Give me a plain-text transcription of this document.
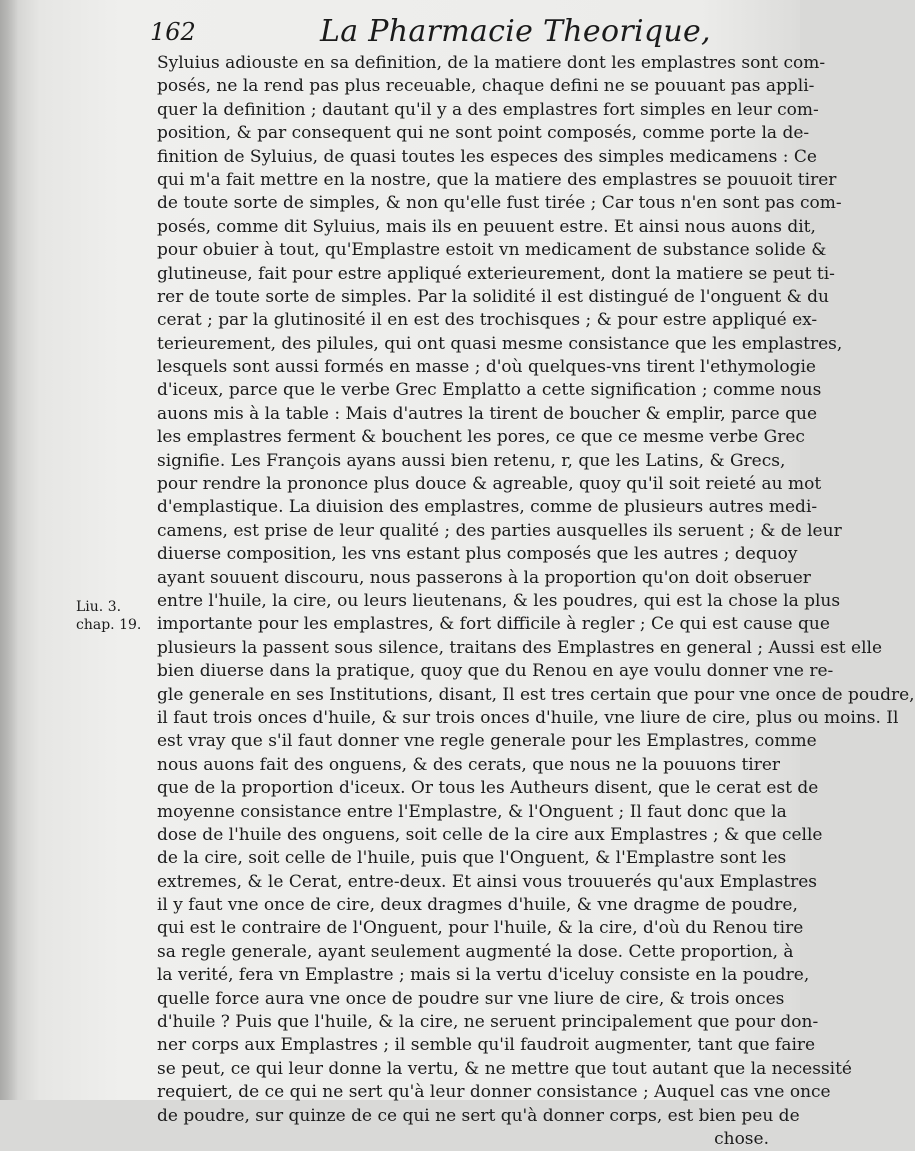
162	La Pharmacie Theorique,
Liu. 3.
chap. 19.
Syluius adiouste en sa definition, de la matiere dont les emplastres sont com-
posés, ne la rend pas plus receuable, chaque defini ne se pouuant pas appli-
quer la definition ; dautant qu'il y a des emplastres fort simples en leur com-
position, & par consequent qui ne sont point composés, comme porte la de-
finition de Syluius, de quasi toutes les especes des simples medicamens : Ce
qui m'a fait mettre en la nostre, que la matiere des emplastres se pouuoit tirer
de toute sorte de simples, & non qu'elle fust tirée ; Car tous n'en sont pas com-
posés, comme dit Syluius, mais ils en peuuent estre. Et ainsi nous auons dit,
pour obuier à tout, qu'Emplastre estoit vn medicament de substance solide &
glutineuse, fait pour estre appliqué exterieurement, dont la matiere se peut ti-
rer de toute sorte de simples. Par la solidité il est distingué de l'onguent & du
cerat ; par la glutinosité il en est des trochisques ; & pour estre appliqué ex-
terieurement, des pilules, qui ont quasi mesme consistance que les emplastres,
lesquels sont aussi formés en masse ; d'où quelques-vns tirent l'ethymologie
d'iceux, parce que le verbe Grec Emplatto a cette signification ; comme nous
auons mis à la table : Mais d'autres la tirent de boucher & emplir, parce que
les emplastres ferment & bouchent les pores, ce que ce mesme verbe Grec
signifie. Les François ayans aussi bien retenu, r, que les Latins, & Grecs,
pour rendre la prononce plus douce & agreable, quoy qu'il soit reieté au mot
d'emplastique. La diuision des emplastres, comme de plusieurs autres medi-
camens, est prise de leur qualité ; des parties ausquelles ils seruent ; & de leur
diuerse composition, les vns estant plus composés que les autres ; dequoy
ayant souuent discouru, nous passerons à la proportion qu'on doit obseruer
entre l'huile, la cire, ou leurs lieutenans, & les poudres, qui est la chose la plus
importante pour les emplastres, & fort difficile à regler ; Ce qui est cause que
plusieurs la passent sous silence, traitans des Emplastres en general ; Aussi est elle
bien diuerse dans la pratique, quoy que du Renou en aye voulu donner vne re-
gle generale en ses Institutions, disant, Il est tres certain que pour vne once de poudre,
il faut trois onces d'huile, & sur trois onces d'huile, vne liure de cire, plus ou moins. Il
est vray que s'il faut donner vne regle generale pour les Emplastres, comme
nous auons fait des onguens, & des cerats, que nous ne la pouuons tirer
que de la proportion d'iceux. Or tous les Autheurs disent, que le cerat est de
moyenne consistance entre l'Emplastre, & l'Onguent ; Il faut donc que la
dose de l'huile des onguens, soit celle de la cire aux Emplastres ; & que celle
de la cire, soit celle de l'huile, puis que l'Onguent, & l'Emplastre sont les
extremes, & le Cerat, entre-deux. Et ainsi vous trouuerés qu'aux Emplastres
il y faut vne once de cire, deux dragmes d'huile, & vne dragme de poudre,
qui est le contraire de l'Onguent, pour l'huile, & la cire, d'où du Renou tire
sa regle generale, ayant seulement augmenté la dose. Cette proportion, à
la verité, fera vn Emplastre ; mais si la vertu d'iceluy consiste en la poudre,
quelle force aura vne once de poudre sur vne liure de cire, & trois onces
d'huile ? Puis que l'huile, & la cire, ne seruent principalement que pour don-
ner corps aux Emplastres ; il semble qu'il faudroit augmenter, tant que faire
se peut, ce qui leur donne la vertu, & ne mettre que tout autant que la necessité
requiert, de ce qui ne sert qu'à leur donner consistance ; Auquel cas vne once
de poudre, sur quinze de ce qui ne sert qu'à donner corps, est bien peu de
chose.
